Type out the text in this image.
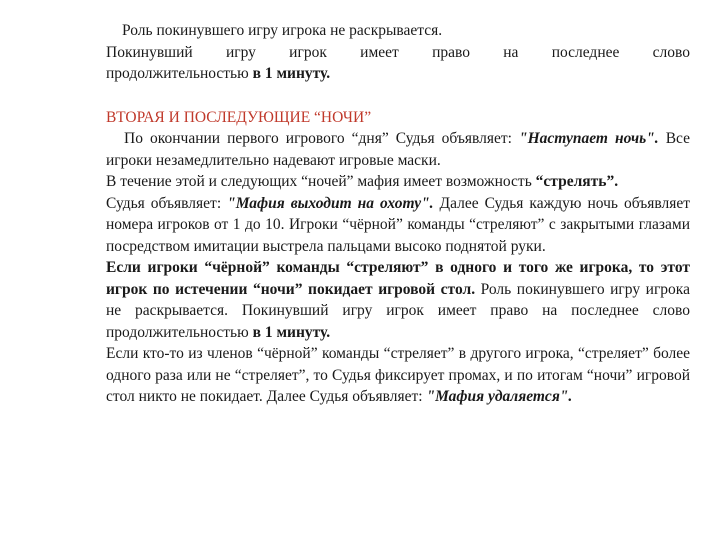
Роль покинувшего игру игрока не раскрывается.

Покинувший игру игрок имеет право на последнее слово

продолжительностью в 1 минуту.

ВТОРАЯ И ПОСЛЕДУЮЩИЕ “НОЧИ”

По окончании первого игрового “дня” Судья объявляет: "Наступает ночь". Все игроки незамедлительно надевают игровые маски.

В течение этой и следующих “ночей” мафия имеет возможность “стрелять”.

Судья объявляет: "Мафия выходит на охоту". Далее Судья каждую ночь объявляет номера игроков от 1 до 10. Игроки “чёрной” команды “стреляют” с закрытыми глазами посредством имитации выстрела пальцами высоко поднятой руки.

Если игроки “чёрной” команды “стреляют” в одного и того же игрока, то этот игрок по истечении “ночи” покидает игровой стол. Роль покинувшего игру игрока не раскрывается. Покинувший игру игрок имеет право на последнее слово продолжительностью в 1 минуту.

Если кто-то из членов “чёрной” команды “стреляет” в другого игрока, “стреляет” более одного раза или не “стреляет”, то Судья фиксирует промах, и по итогам “ночи” игровой стол никто не покидает. Далее Судья объявляет: "Мафия удаляется".
